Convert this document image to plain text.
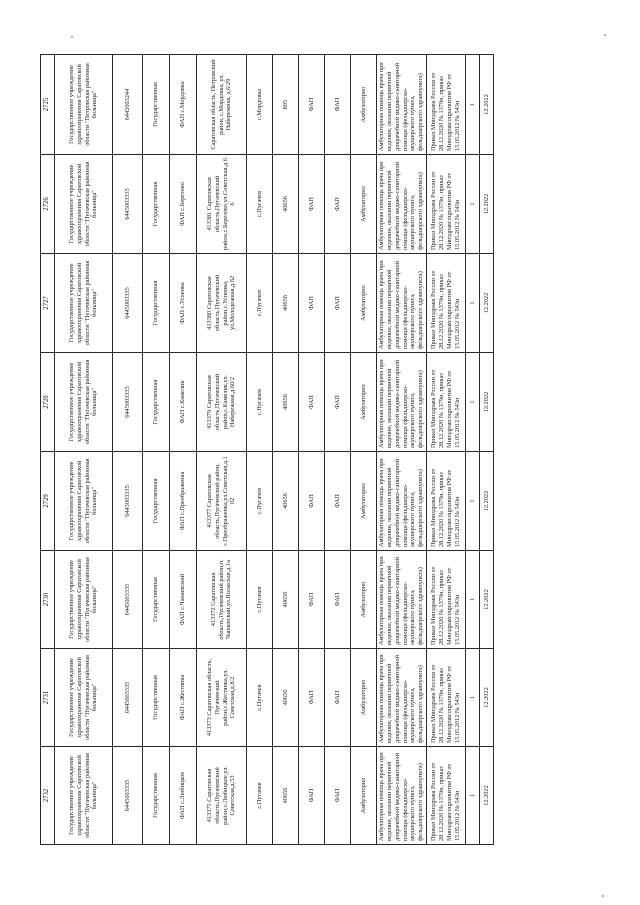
2732	2731	2730	2729	2728	2727	2726	2725
Государственное учреждение здравоохранения Саратовской области "Пугачевская районная больница"	Государственное учреждение здравоохранения Саратовской области "Пугачевская районная больница"	Государственное учреждение здравоохранения Саратовской области "Пугачевская районная больница"	Государственное учреждение здравоохранения Саратовской области "Пугачевская районная больница"	Государственное учреждение здравоохранения Саратовской области "Пугачевская районная больница"	Государственное учреждение здравоохранения Саратовской области "Пугачевская районная больница"	Государственное учреждение здравоохранения Саратовской области "Пугачевская районная больница"	Государственное учреждение здравоохранения Саратовской области "Петровская районная больница"
6445003335	6445003335	6445003335	6445003335	6445003335	6445003335	6445003335	6442003244
Государственная	Государственная	Государственная	Государственная	Государственная	Государственная	Государственная	Государственная
ФАП с.Любицкое	ФАП с.Жестянка	ФАП с.Чапаевский	ФАП с.Преображенка	ФАП с.Камелик	ФАП с.Успенка	ФАП с.Березово	ФАП с.Мордовка
413375 Саратовская область,Пугачевский район,с.Любицкое,ул. Советская,д.53	413373 Саратовская область, Пугачевский район,с.Жестянка,ул. Советская,д.8/2	413372 Саратовская область,Пугачевский район,п. Чапаевский,ул.Волжская,д.1а	413377 Саратовская область,Пугачевский район, с.Преображенка,ул.Советская,д.102	413379 Саратовская область,Пугачевский район,с.Камелик,ул. Набережная,д.60/2	413380 Саратовская область,Пугачевский район,с.Успенка, ул.Молодежная,д.62	413381 Саратовская область,Пугачевский район,с.Березово,ул.Советская,д.66	Саратовская область, Петровский район, с.Мордовка, ул. Набережная, д.6/29
с.Пугачев	с.Пугачев	с.Пугачев	с.Пугачев	с.Пугачев	с.Пугачев	с.Пугачев	с.Мордовка
40656	40656	40656	40656	40656	40656	40656	895
ФАП	ФАП	ФАП	ФАП	ФАП	ФАП	ФАП	ФАП
ФАП	ФАП	ФАП	ФАП	ФАП	ФАП	ФАП	ФАП
Амбулаторно	Амбулаторно	Амбулаторно	Амбулаторно	Амбулаторно	Амбулаторно	Амбулаторно	Амбулаторно
Амбулаторная помощь врача при ведении, оказании первичной доврачебной медико-санитарной помощи (фельдшерско-акушерского пункта, фельдшерского здравпункта)	Амбулаторная помощь врача при ведении, оказании первичной доврачебной медико-санитарной помощи (фельдшерско-акушерского пункта, фельдшерского здравпункта)	Амбулаторная помощь врача при ведении, оказании первичной доврачебной медико-санитарной помощи (фельдшерско-акушерского пункта, фельдшерского здравпункта)	Амбулаторная помощь врача при ведении, оказании первичной доврачебной медико-санитарной помощи (фельдшерско-акушерского пункта, фельдшерского здравпункта)	Амбулаторная помощь врача при ведении, оказании первичной доврачебной медико-санитарной помощи (фельдшерско-акушерского пункта, фельдшерского здравпункта)	Амбулаторная помощь врача при ведении, оказании первичной доврачебной медико-санитарной помощи (фельдшерско-акушерского пункта, фельдшерского здравпункта)	Амбулаторная помощь врача при ведении, оказании первичной доврачебной медико-санитарной помощи (фельдшерско-акушерского пункта, фельдшерского здравпункта)	Амбулаторная помощь врача при ведении, оказании первичной доврачебной медико-санитарной помощи (фельдшерско-акушерского пункта, фельдшерского здравпункта)
Приказ Минздрава России от 28.12.2020 № 1379н, приказ Минздравсоцразвития РФ от 15.05.2012 № 543н	Приказ Минздрава России от 28.12.2020 № 1379н, приказ Минздравсоцразвития РФ от 15.05.2012 № 543н	Приказ Минздрава России от 28.12.2020 № 1379н, приказ Минздравсоцразвития РФ от 15.05.2012 № 543н	Приказ Минздрава России от 28.12.2020 № 1379н, приказ Минздравсоцразвития РФ от 15.05.2012 № 543н	Приказ Минздрава России от 28.12.2020 № 1379н, приказ Минздравсоцразвития РФ от 15.05.2012 № 543н	Приказ Минздрава России от 28.12.2020 № 1379н, приказ Минздравсоцразвития РФ от 15.05.2012 № 543н	Приказ Минздрава России от 28.12.2020 № 1379н, приказ Минздравсоцразвития РФ от 15.05.2012 № 543н	Приказ Минздрава России от 28.12.2020 № 1379н, приказ Минздравсоцразвития РФ от 15.05.2012 № 543н
1	1	1	1	1	1	1	1
12.2022	12.2022	12.2022	12.2022	12.2022	12.2022	12.2022	12.2022
